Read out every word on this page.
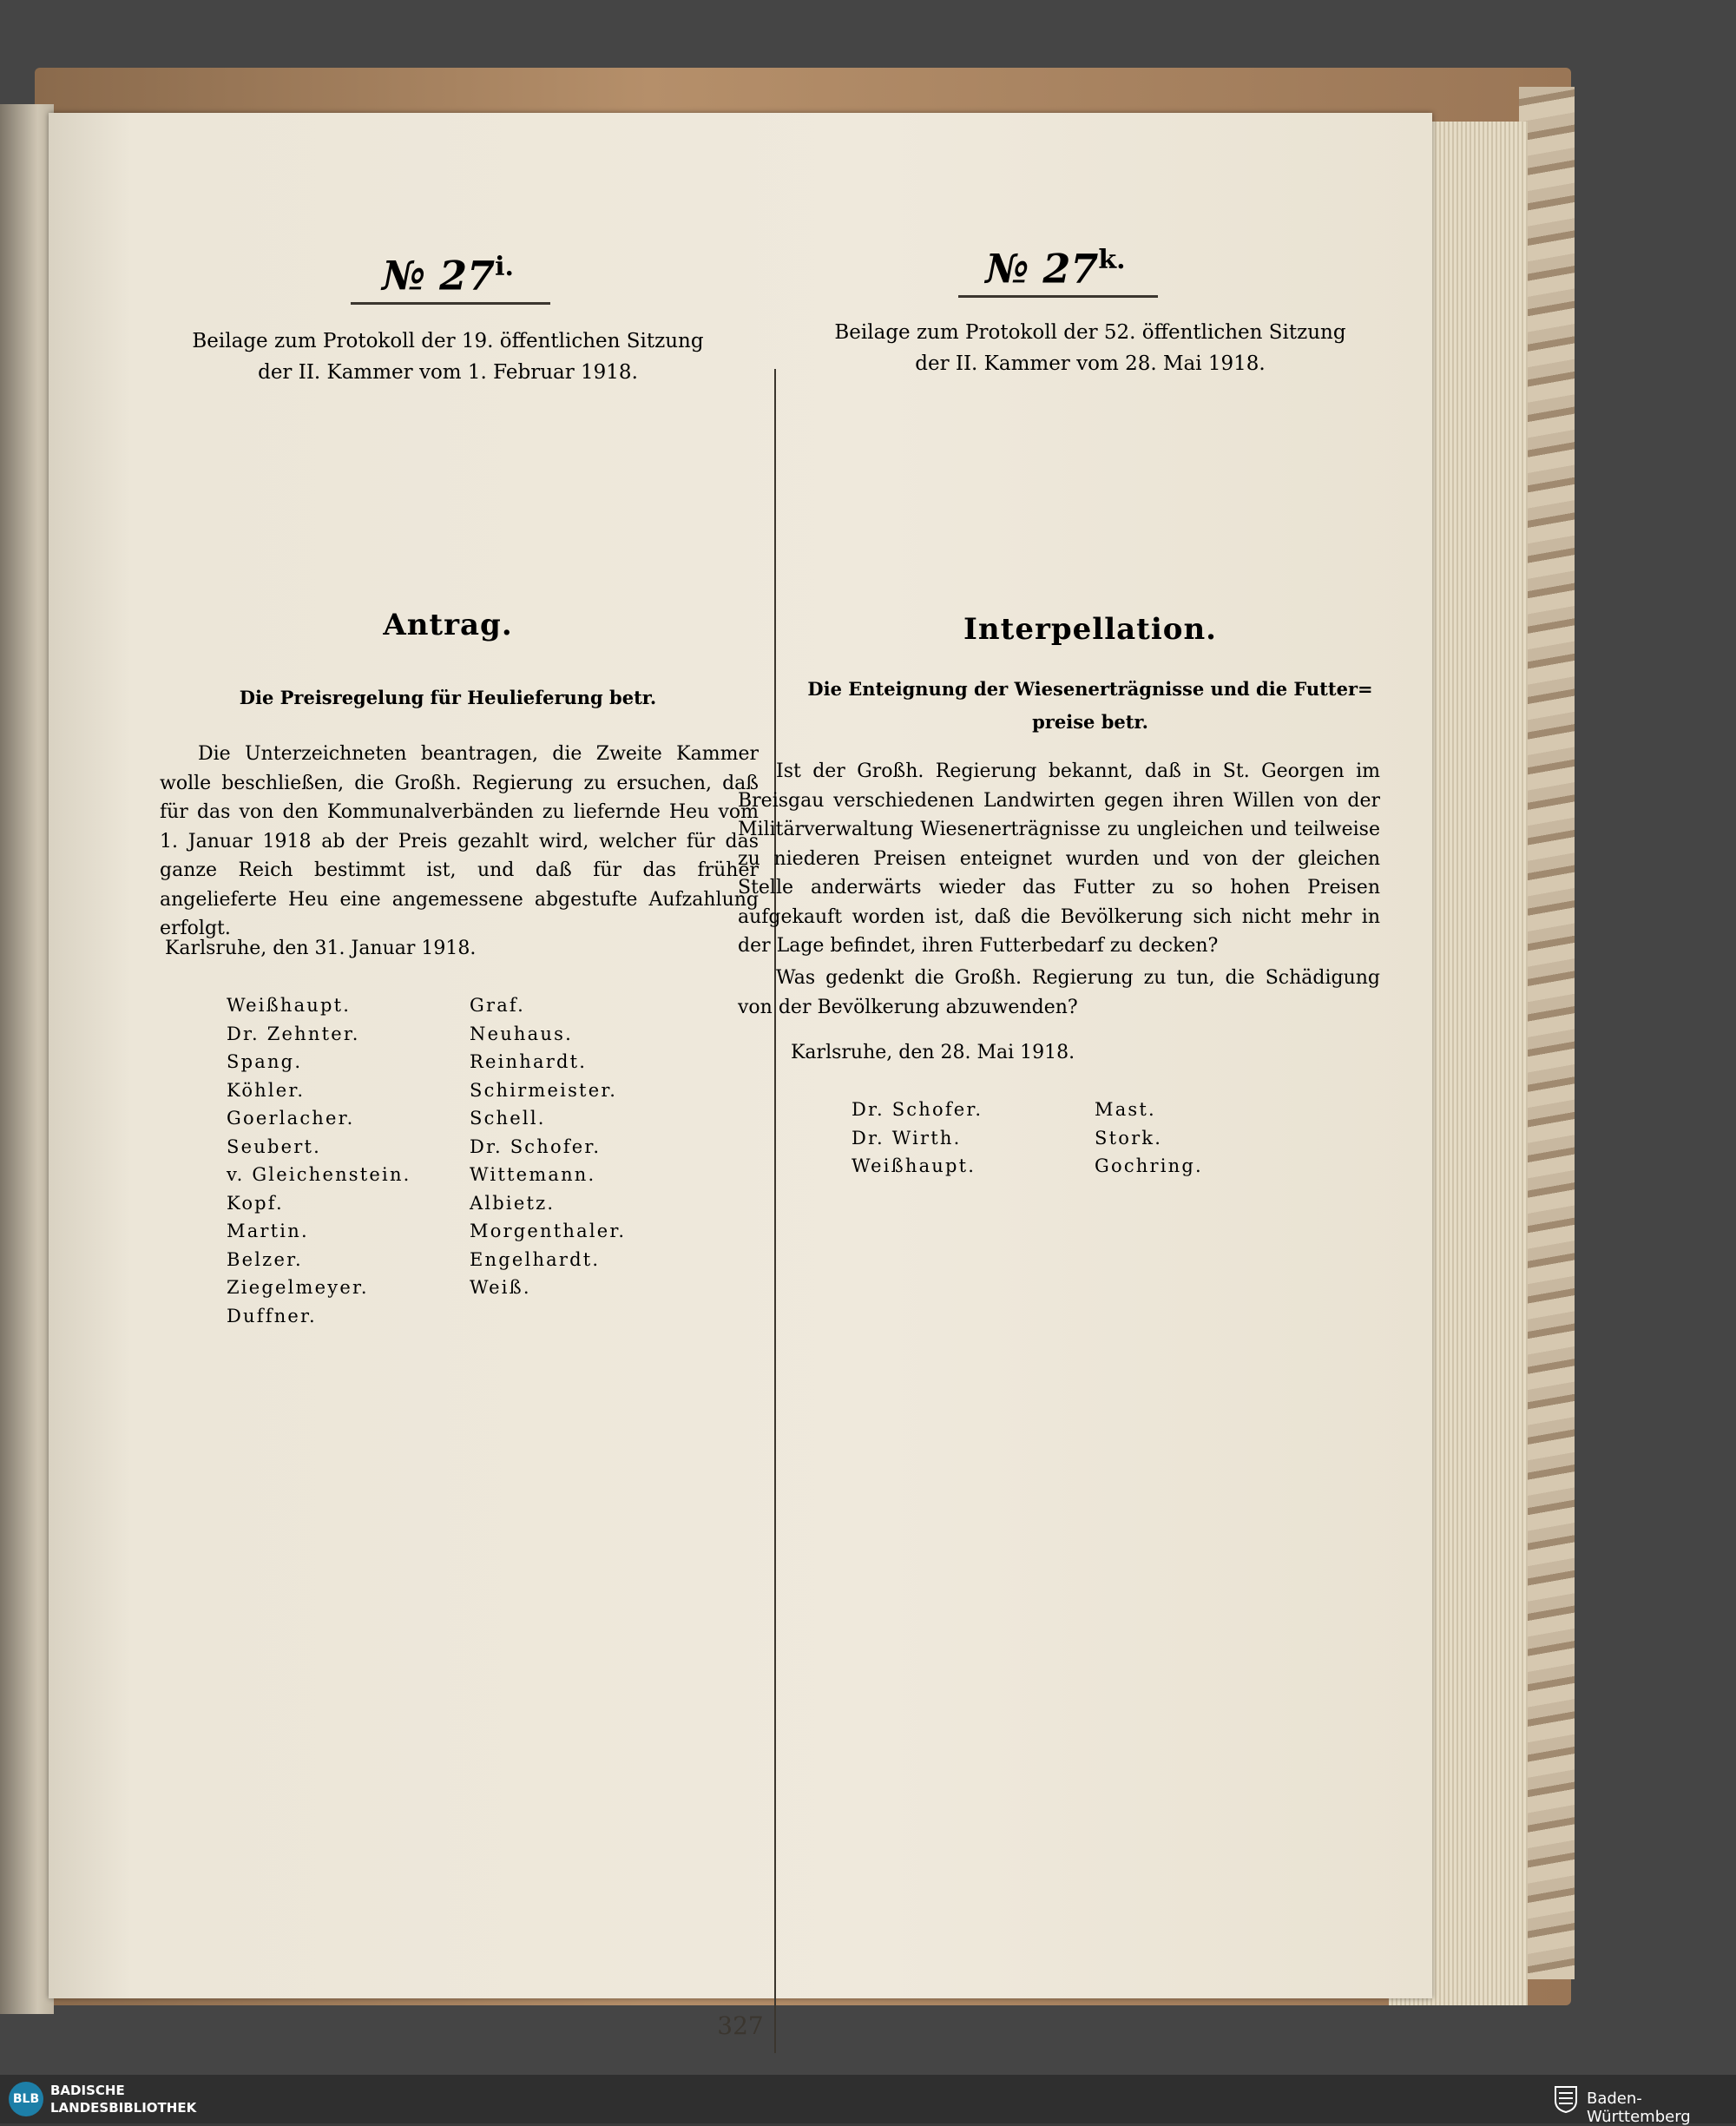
№ $27^{i.}$
Beilage zum Protokoll der 19. öffentlichen Sitzung
der II. Kammer vom 1. Februar 1918.
Antrag.
Die Preisregelung für Heulieferung betr.
Die Unterzeichneten beantragen, die Zweite Kammer wolle beschließen, die Großh. Regierung zu ersuchen, daß für das von den Kommunalverbänden zu liefernde Heu vom 1. Januar 1918 ab der Preis gezahlt wird, welcher für das ganze Reich bestimmt ist, und daß für das früher angelieferte Heu eine angemessene abgestufte Aufzahlung erfolgt.
Karlsruhe, den 31. Januar 1918.
Weißhaupt.
Dr. Zehnter.
Spang.
Köhler.
Goerlacher.
Seubert.
v. Gleichenstein.
Kopf.
Martin.
Belzer.
Ziegelmeyer.
Duffner.
Graf.
Neuhaus.
Reinhardt.
Schirmeister.
Schell.
Dr. Schofer.
Wittemann.
Albietz.
Morgenthaler.
Engelhardt.
Weiß.
№ $27^{k.}$
Beilage zum Protokoll der 52. öffentlichen Sitzung
der II. Kammer vom 28. Mai 1918.
Interpellation.
Die Enteignung der Wiesenerträgnisse und die Futter=
preise betr.
Ist der Großh. Regierung bekannt, daß in St. Georgen im Breisgau verschiedenen Landwirten gegen ihren Willen von der Militärverwaltung Wiesenerträgnisse zu ungleichen und teilweise zu niederen Preisen enteignet wurden und von der gleichen Stelle anderwärts wieder das Futter zu so hohen Preisen aufgekauft worden ist, daß die Bevölkerung sich nicht mehr in der Lage befindet, ihren Futterbedarf zu decken?
Was gedenkt die Großh. Regierung zu tun, die Schädigung von der Bevölkerung abzuwenden?
Karlsruhe, den 28. Mai 1918.
Dr. Schofer.
Dr. Wirth.
Weißhaupt.
Mast.
Stork.
Gochring.
327
BLB
BADISCHE
LANDESBIBLIOTHEK	Baden-Württemberg
